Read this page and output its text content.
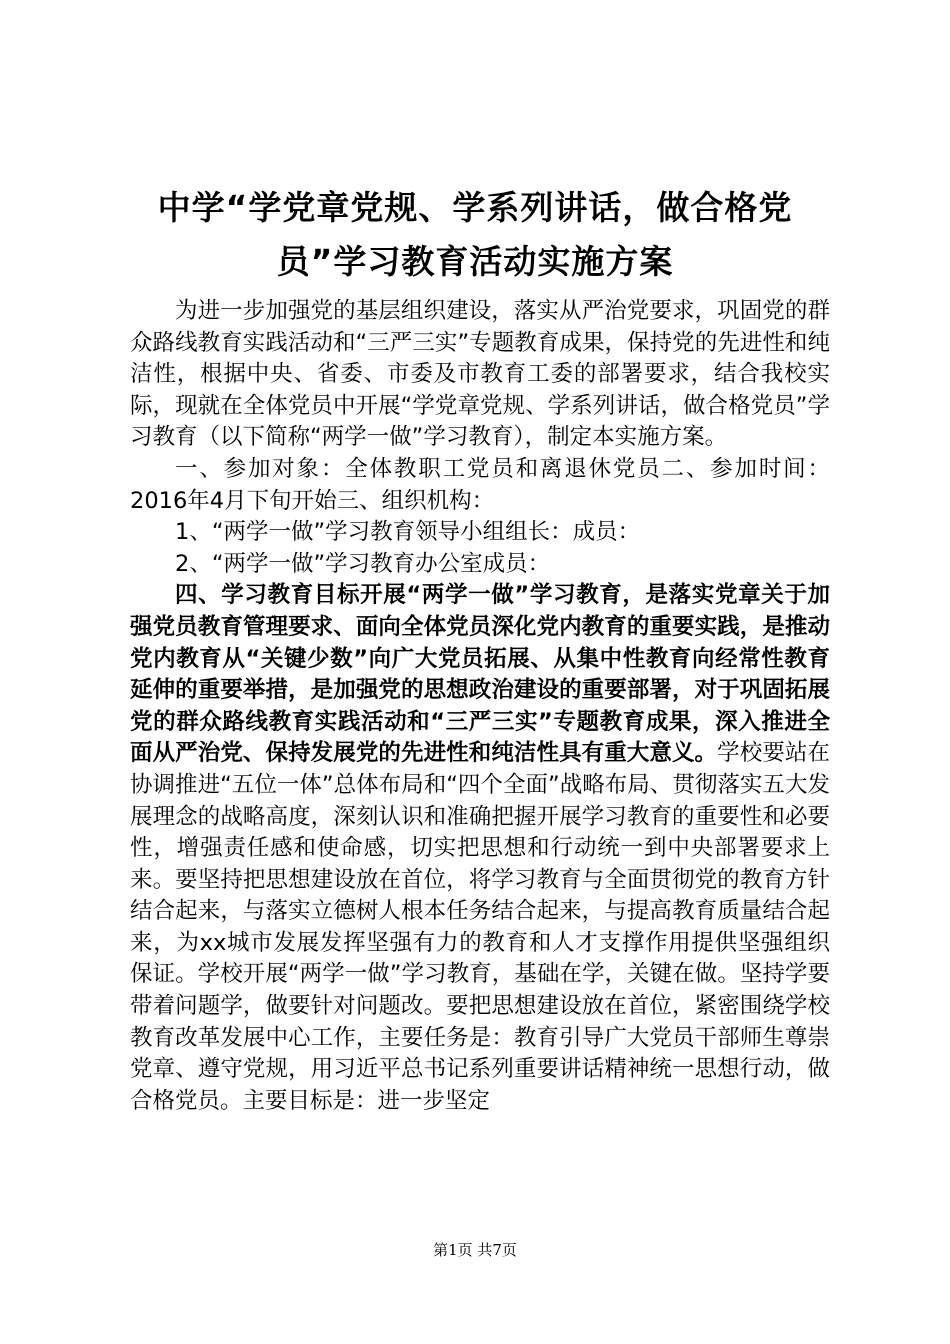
中学“学党章党规、学系列讲话，做合格党
员”学习教育活动实施方案

为进一步加强党的基层组织建设，落实从严治党要求，巩固党的群众路线教育实践活动和“三严三实”专题教育成果，保持党的先进性和纯洁性，根据中央、省委、市委及市教育工委的部署要求，结合我校实际，现就在全体党员中开展“学党章党规、学系列讲话，做合格党员”学习教育（以下简称“两学一做”学习教育），制定本实施方案。

一、参加对象：全体教职工党员和离退休党员二、参加时间：2016年4月下旬开始三、组织机构：

1、“两学一做”学习教育领导小组组长：成员：

2、“两学一做”学习教育办公室成员：

四、学习教育目标开展“两学一做”学习教育，是落实党章关于加强党员教育管理要求、面向全体党员深化党内教育的重要实践，是推动党内教育从“关键少数”向广大党员拓展、从集中性教育向经常性教育延伸的重要举措，是加强党的思想政治建设的重要部署，对于巩固拓展党的群众路线教育实践活动和“三严三实”专题教育成果，深入推进全面从严治党、保持发展党的先进性和纯洁性具有重大意义。学校要站在协调推进“五位一体”总体布局和“四个全面”战略布局、贯彻落实五大发展理念的战略高度，深刻认识和准确把握开展学习教育的重要性和必要性，增强责任感和使命感，切实把思想和行动统一到中央部署要求上来。要坚持把思想建设放在首位，将学习教育与全面贯彻党的教育方针结合起来，与落实立德树人根本任务结合起来，与提高教育质量结合起来，为xx城市发展发挥坚强有力的教育和人才支撑作用提供坚强组织保证。学校开展“两学一做”学习教育，基础在学，关键在做。坚持学要带着问题学，做要针对问题改。要把思想建设放在首位，紧密围绕学校教育改革发展中心工作，主要任务是：教育引导广大党员干部师生尊崇党章、遵守党规，用习近平总书记系列重要讲话精神统一思想行动，做合格党员。主要目标是：进一步坚定

第1页 共7页
